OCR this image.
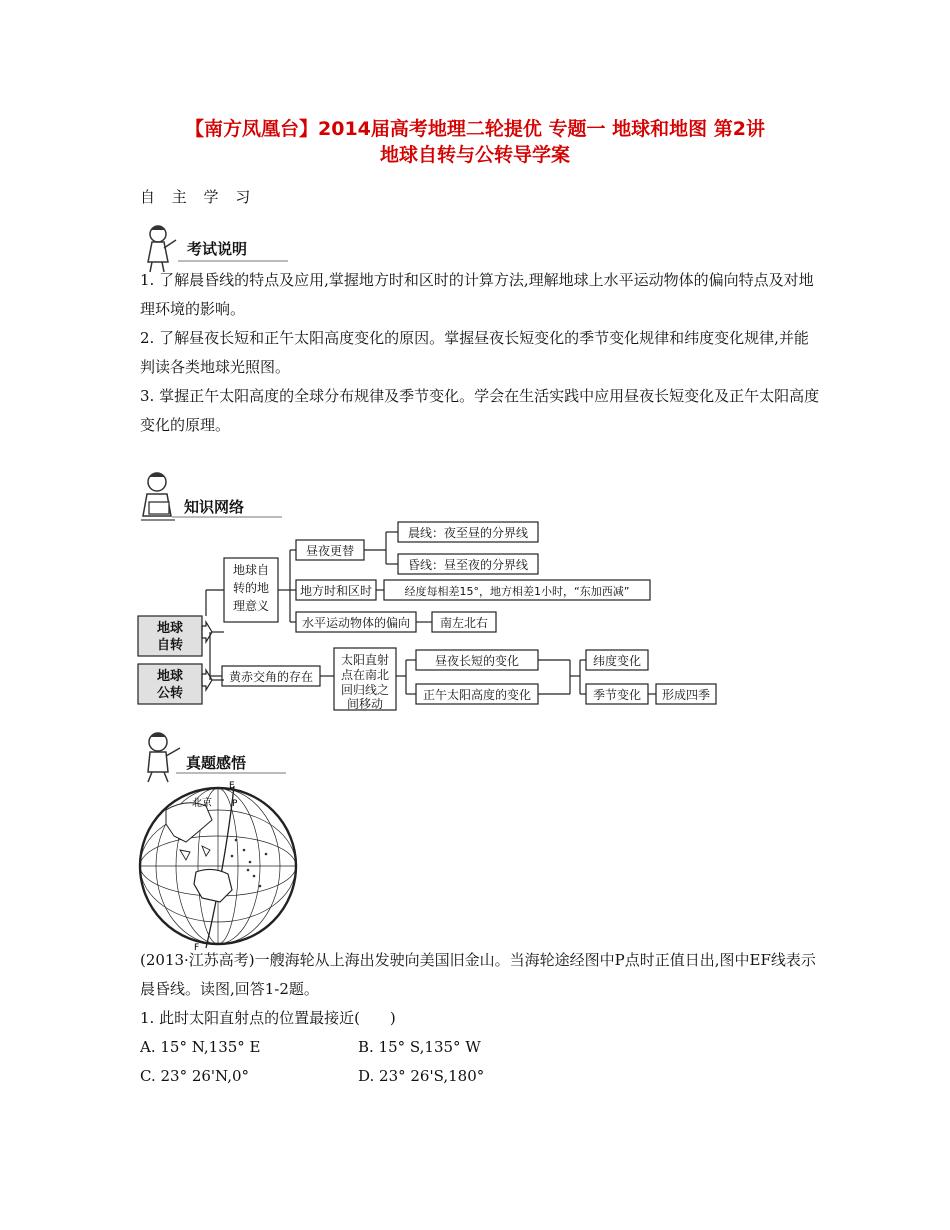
【南方凤凰台】2014届高考地理二轮提优 专题一 地球和地图 第2讲
地球自转与公转导学案
自 主 学 习
考试说明
1. 了解晨昏线的特点及应用,掌握地方时和区时的计算方法,理解地球上水平运动物体的偏向特点及对地理环境的影响。
2. 了解昼夜长短和正午太阳高度变化的原因。掌握昼夜长短变化的季节变化规律和纬度变化规律,并能判读各类地球光照图。
3. 掌握正午太阳高度的全球分布规律及季节变化。学会在生活实践中应用昼夜长短变化及正午太阳高度变化的原理。
知识网络
地球
自转
地球
公转
地球自
转的地
理意义
昼夜更替
地方时和区时
水平运动物体的偏向
晨线：夜至昼的分界线
昏线：昼至夜的分界线
经度每相差15°，地方相差1小时，“东加西减”
南左北右
黄赤交角的存在
太阳直射
点在南北
回归线之
间移动
昼夜长短的变化
正午太阳高度的变化
纬度变化
季节变化 形成四季
真题感悟
E
F
P
北京
(2013·江苏高考)一艘海轮从上海出发驶向美国旧金山。当海轮途经图中P点时正值日出,图中EF线表示晨昏线。读图,回答1-2题。
1. 此时太阳直射点的位置最接近(　　)
A. 15° N,135° E	B. 15° S,135° W
C. 23° 26'N,0°	D. 23° 26'S,180°
